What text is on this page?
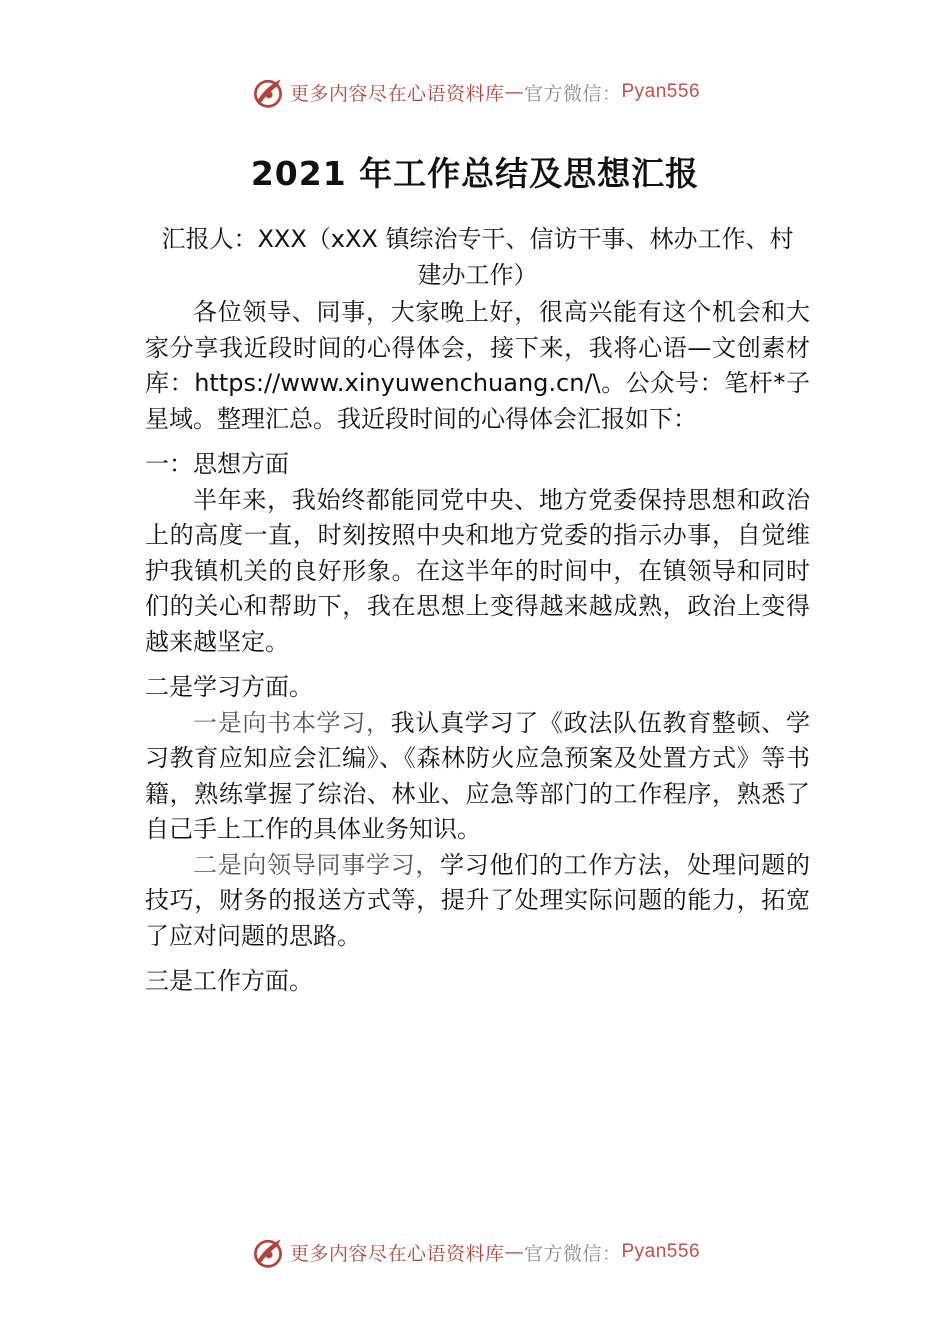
更多内容尽在心语资料库 — 官方微信： Pyan556
2021 年工作总结及思想汇报
汇报人：XXX（xXX 镇综治专干、信访干事、林办工作、村
建办工作）

各位领导、同事，大家晚上好，很高兴能有这个机会和大家分享我近段时间的心得体会，接下来，我将心语—文创素材库：https://www.xinyuwenchuang.cn/\。公众号：笔杆*子星域。整理汇总。我近段时间的心得体会汇报如下：

一：思想方面

半年来，我始终都能同党中央、地方党委保持思想和政治上的高度一直，时刻按照中央和地方党委的指示办事，自觉维护我镇机关的良好形象。在这半年的时间中，在镇领导和同时们的关心和帮助下，我在思想上变得越来越成熟，政治上变得越来越坚定。

二是学习方面。

一是向书本学习，我认真学习了《政法队伍教育整顿、学习教育应知应会汇编》、《森林防火应急预案及处置方式》等书籍，熟练掌握了综治、林业、应急等部门的工作程序，熟悉了自己手上工作的具体业务知识。

二是向领导同事学习，学习他们的工作方法，处理问题的技巧，财务的报送方式等，提升了处理实际问题的能力，拓宽了应对问题的思路。

三是工作方面。

更多内容尽在心语资料库 — 官方微信： Pyan556
